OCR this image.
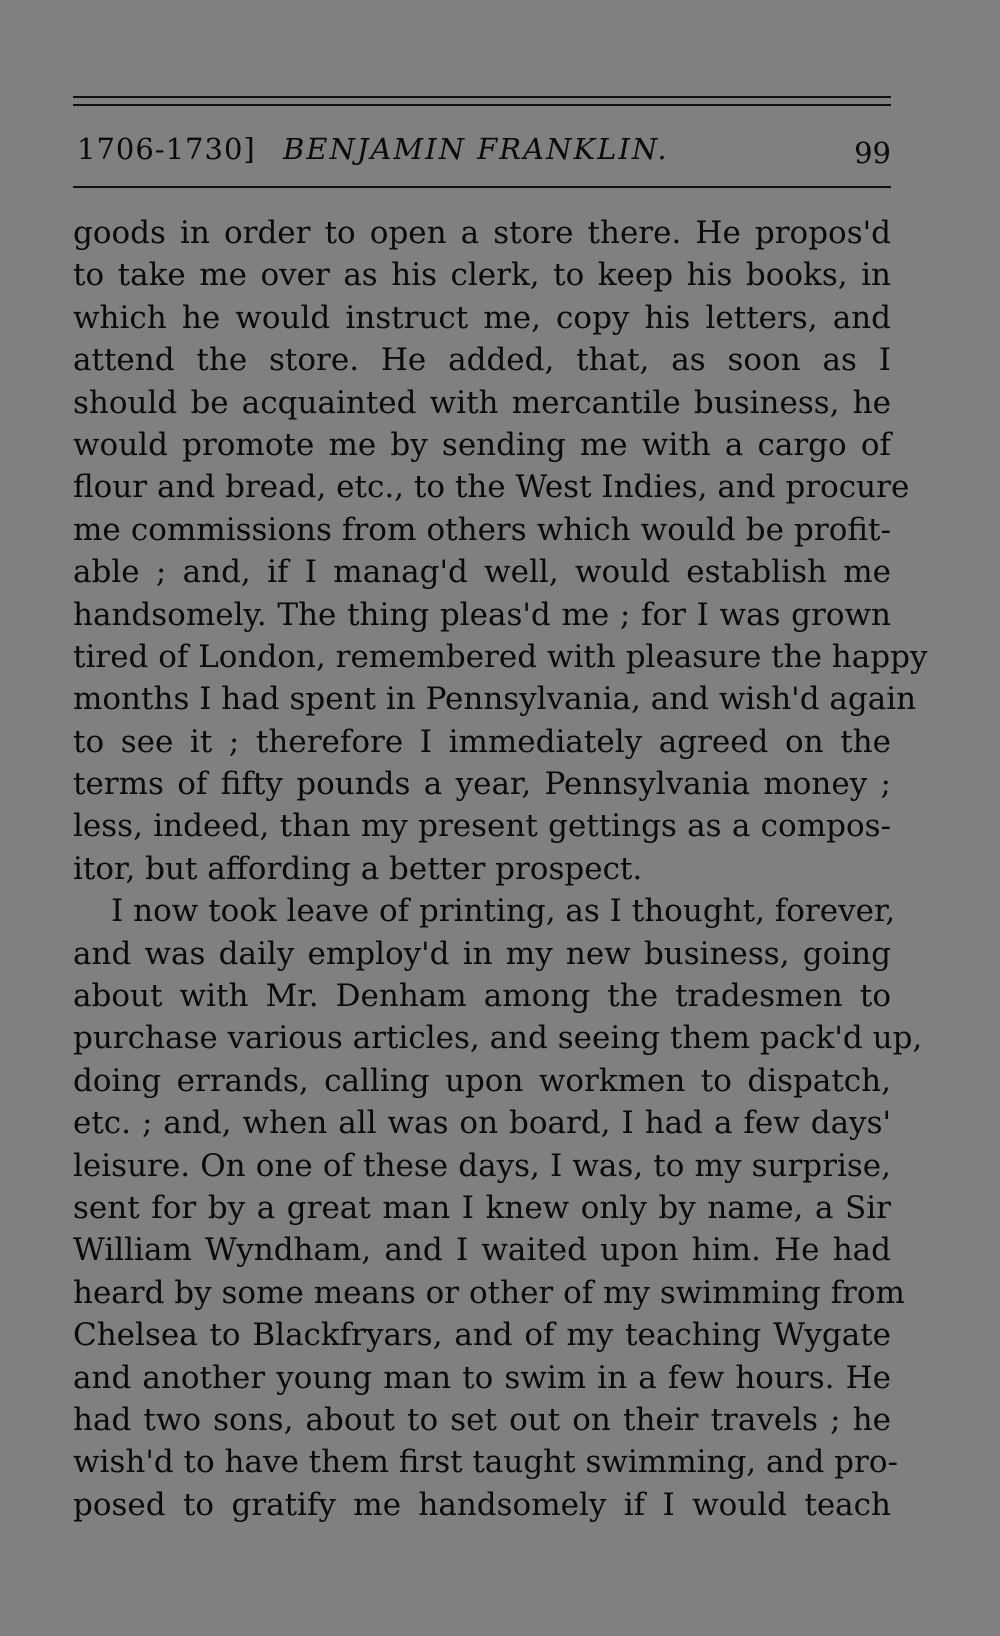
1706-1730] BENJAMIN FRANKLIN.	99
goods in order to open a store there. He propos'd
to take me over as his clerk, to keep his books, in
which he would instruct me, copy his letters, and
attend the store. He added, that, as soon as I
should be acquainted with mercantile business, he
would promote me by sending me with a cargo of
flour and bread, etc., to the West Indies, and procure
me commissions from others which would be profit-
able ; and, if I manag'd well, would establish me
handsomely. The thing pleas'd me ; for I was grown
tired of London, remembered with pleasure the happy
months I had spent in Pennsylvania, and wish'd again
to see it ; therefore I immediately agreed on the
terms of fifty pounds a year, Pennsylvania money ;
less, indeed, than my present gettings as a compos-
itor, but affording a better prospect.
I now took leave of printing, as I thought, forever,
and was daily employ'd in my new business, going
about with Mr. Denham among the tradesmen to
purchase various articles, and seeing them pack'd up,
doing errands, calling upon workmen to dispatch,
etc. ; and, when all was on board, I had a few days'
leisure. On one of these days, I was, to my surprise,
sent for by a great man I knew only by name, a Sir
William Wyndham, and I waited upon him. He had
heard by some means or other of my swimming from
Chelsea to Blackfryars, and of my teaching Wygate
and another young man to swim in a few hours. He
had two sons, about to set out on their travels ; he
wish'd to have them first taught swimming, and pro-
posed to gratify me handsomely if I would teach
